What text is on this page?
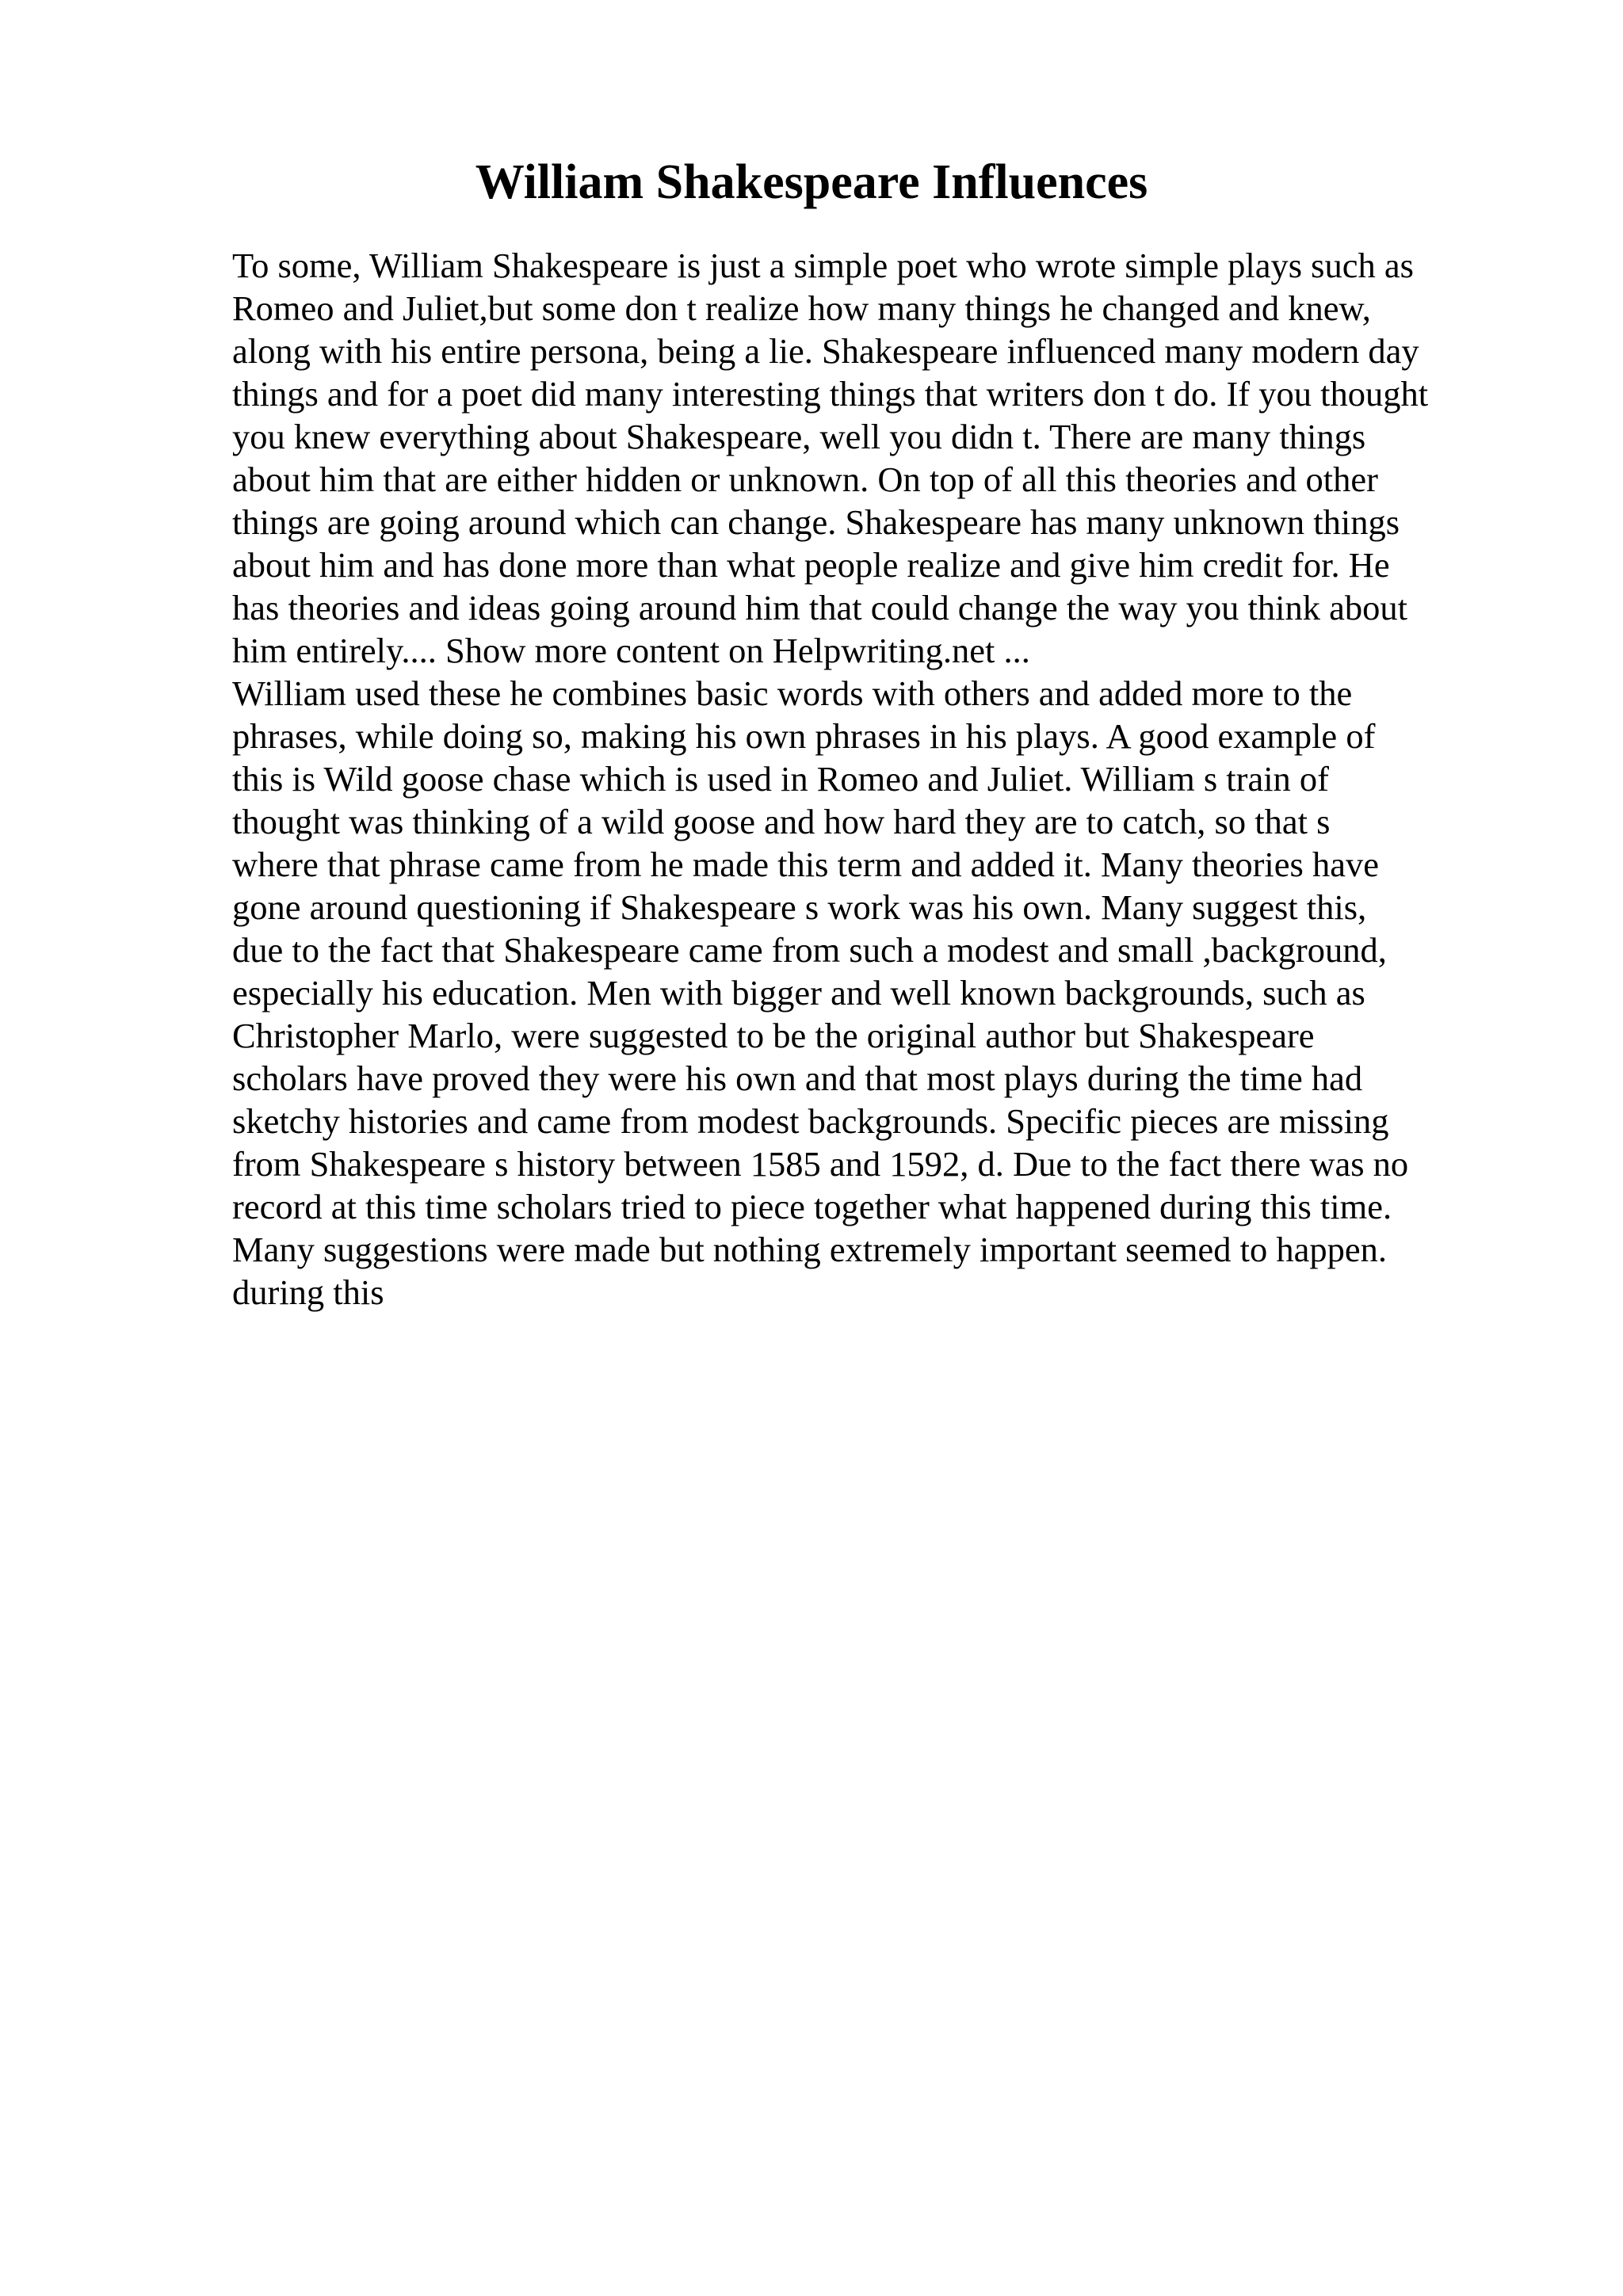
William Shakespeare Influences
To some, William Shakespeare is just a simple poet who wrote simple plays such as
Romeo and Juliet,but some don t realize how many things he changed and knew,
along with his entire persona, being a lie. Shakespeare influenced many modern day
things and for a poet did many interesting things that writers don t do. If you thought
you knew everything about Shakespeare, well you didn t. There are many things
about him that are either hidden or unknown. On top of all this theories and other
things are going around which can change. Shakespeare has many unknown things
about him and has done more than what people realize and give him credit for. He
has theories and ideas going around him that could change the way you think about
him entirely.... Show more content on Helpwriting.net ...
William used these he combines basic words with others and added more to the
phrases, while doing so, making his own phrases in his plays. A good example of
this is Wild goose chase which is used in Romeo and Juliet. William s train of
thought was thinking of a wild goose and how hard they are to catch, so that s
where that phrase came from he made this term and added it. Many theories have
gone around questioning if Shakespeare s work was his own. Many suggest this,
due to the fact that Shakespeare came from such a modest and small ,background,
especially his education. Men with bigger and well known backgrounds, such as
Christopher Marlo, were suggested to be the original author but Shakespeare
scholars have proved they were his own and that most plays during the time had
sketchy histories and came from modest backgrounds. Specific pieces are missing
from Shakespeare s history between 1585 and 1592, d. Due to the fact there was no
record at this time scholars tried to piece together what happened during this time.
Many suggestions were made but nothing extremely important seemed to happen.
during this
